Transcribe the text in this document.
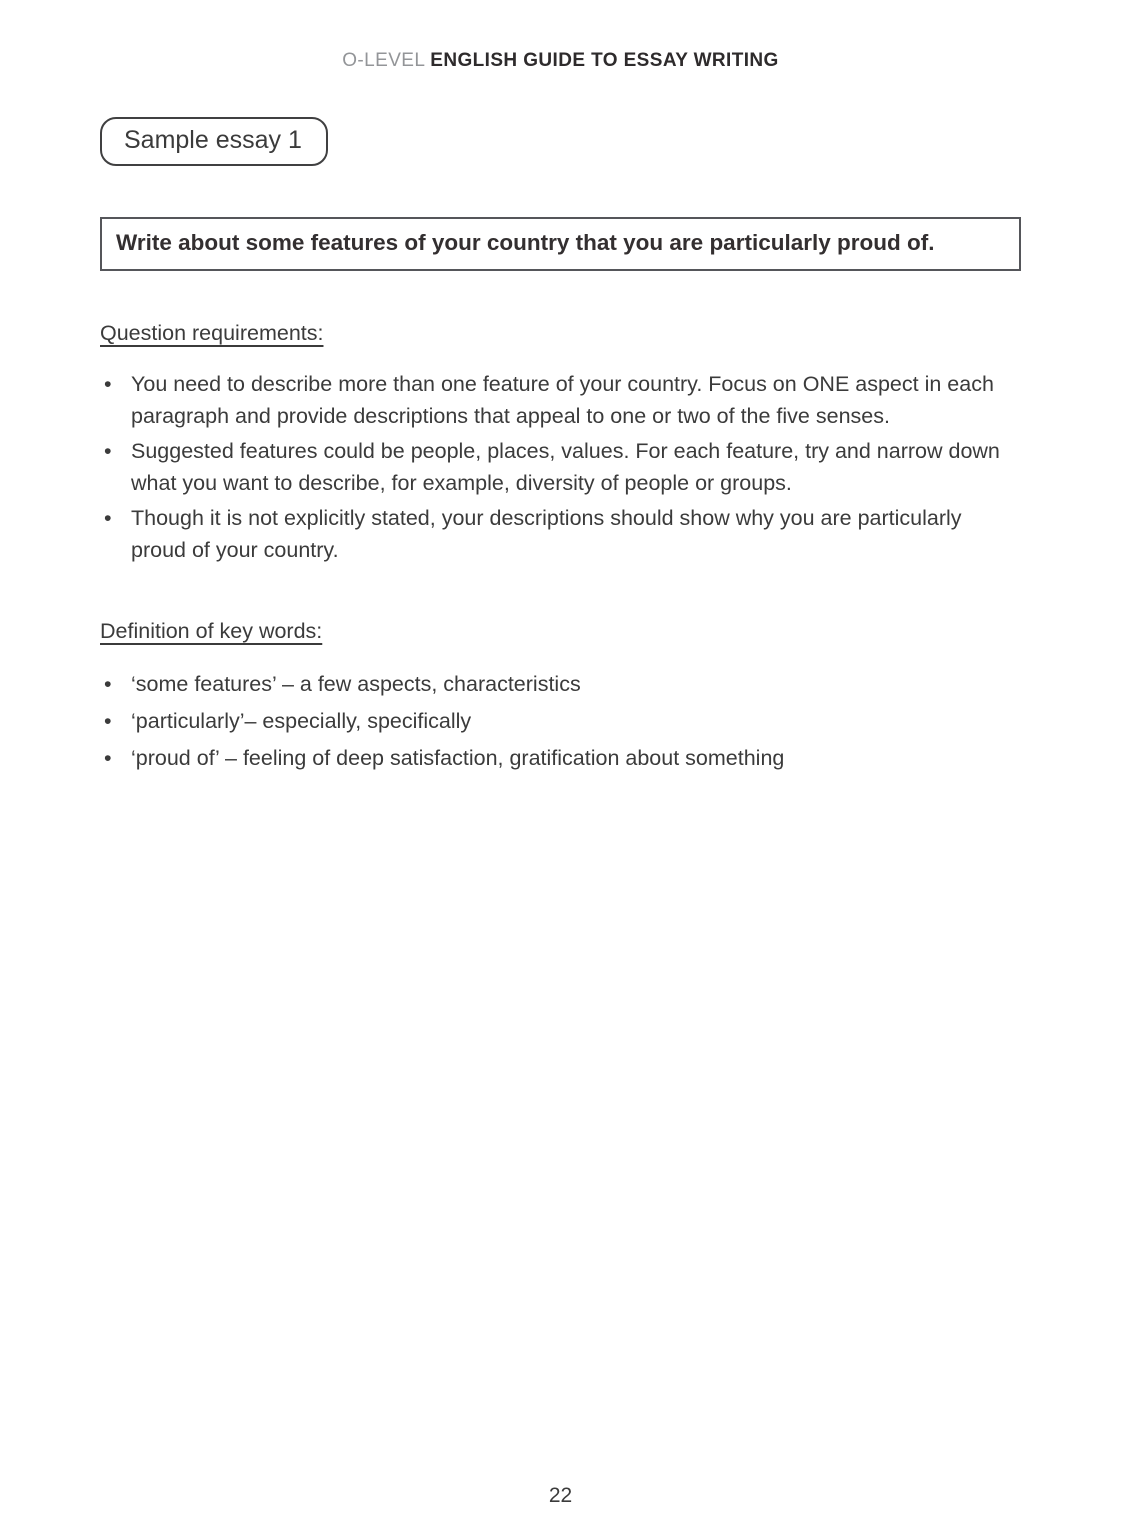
O-LEVEL ENGLISH GUIDE TO ESSAY WRITING
Sample essay 1
Write about some features of your country that you are particularly proud of.
Question requirements:
• You need to describe more than one feature of your country. Focus on ONE aspect in each paragraph and provide descriptions that appeal to one or two of the five senses.
• Suggested features could be people, places, values. For each feature, try and narrow down what you want to describe, for example, diversity of people or groups.
• Though it is not explicitly stated, your descriptions should show why you are particularly proud of your country.
Definition of key words:
• ‘some features’ – a few aspects, characteristics
• ‘particularly’– especially, specifically
• ‘proud of’ – feeling of deep satisfaction, gratification about something
22
